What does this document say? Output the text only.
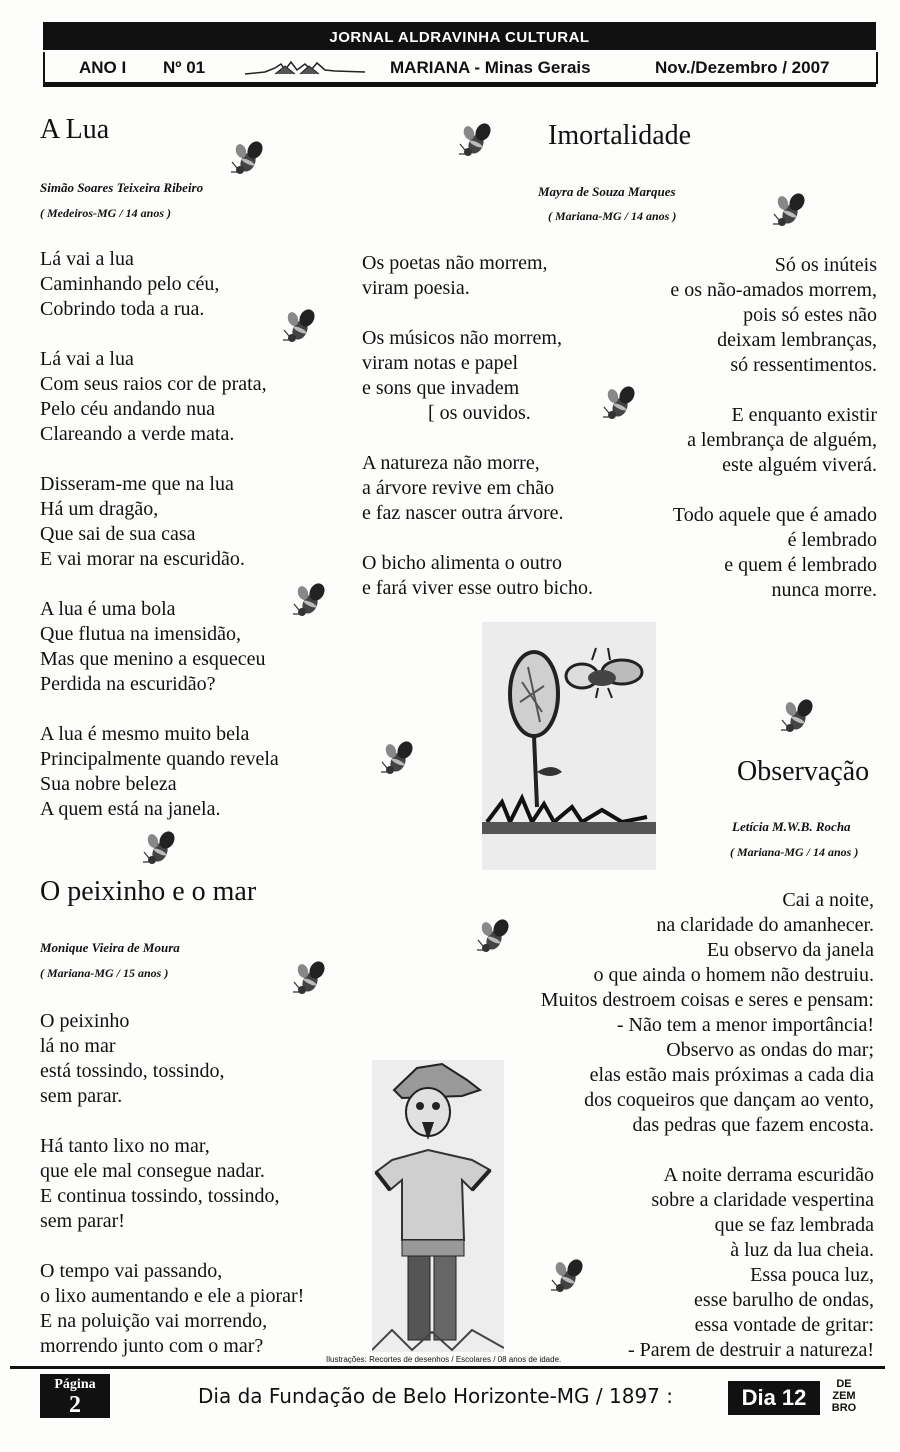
JORNAL ALDRAVINHA CULTURAL
ANO I Nº 01	MARIANA - Minas Gerais	Nov./Dezembro / 2007
A Lua
Simão Soares Teixeira Ribeiro
( Medeiros-MG / 14 anos )
Lá vai a lua
Caminhando pelo céu,
Cobrindo toda a rua.
Lá vai a lua
Com seus raios cor de prata,
Pelo céu andando nua
Clareando a verde mata.
Disseram-me que na lua
Há um dragão,
Que sai de sua casa
E vai morar na escuridão.
A lua é uma bola
Que flutua na imensidão,
Mas que menino a esqueceu
Perdida na escuridão?
A lua é mesmo muito bela
Principalmente quando revela
Sua nobre beleza
A quem está na janela.
Imortalidade
Mayra de Souza Marques
( Mariana-MG / 14 anos )
Os poetas não morrem,
viram poesia.
Os músicos não morrem,
viram notas e papel
e sons que invadem
[ os ouvidos.
A natureza não morre,
a árvore revive em chão
e faz nascer outra árvore.
O bicho alimenta o outro
e fará viver esse outro bicho.
Só os inúteis
e os não-amados morrem,
pois só estes não
deixam lembranças,
só ressentimentos.
E enquanto existir
a lembrança de alguém,
este alguém viverá.
Todo aquele que é amado
é lembrado
e quem é lembrado
nunca morre.
Observação
Letícia M.W.B. Rocha
( Mariana-MG / 14 anos )
Cai a noite,
na claridade do amanhecer.
Eu observo da janela
o que ainda o homem não destruiu.
Muitos destroem coisas e seres e pensam:
- Não tem a menor importância!
Observo as ondas do mar;
elas estão mais próximas a cada dia
dos coqueiros que dançam ao vento,
das pedras que fazem encosta.
A noite derrama escuridão
sobre a claridade vespertina
que se faz lembrada
à luz da lua cheia.
Essa pouca luz,
esse barulho de ondas,
essa vontade de gritar:
- Parem de destruir a natureza!
O peixinho e o mar
Monique Vieira de Moura
( Mariana-MG / 15 anos )
O peixinho
lá no mar
está tossindo, tossindo,
sem parar.
Há tanto lixo no mar,
que ele mal consegue nadar.
E continua tossindo, tossindo,
sem parar!
O tempo vai passando,
o lixo aumentando e ele a piorar!
E na poluição vai morrendo,
morrendo junto com o mar?
Ilustrações: Recortes de desenhos / Escolares / 08 anos de idade.
Página
2	Dia da Fundação de Belo Horizonte-MG / 1897 :	Dia 12
DE
ZEM
BRO
